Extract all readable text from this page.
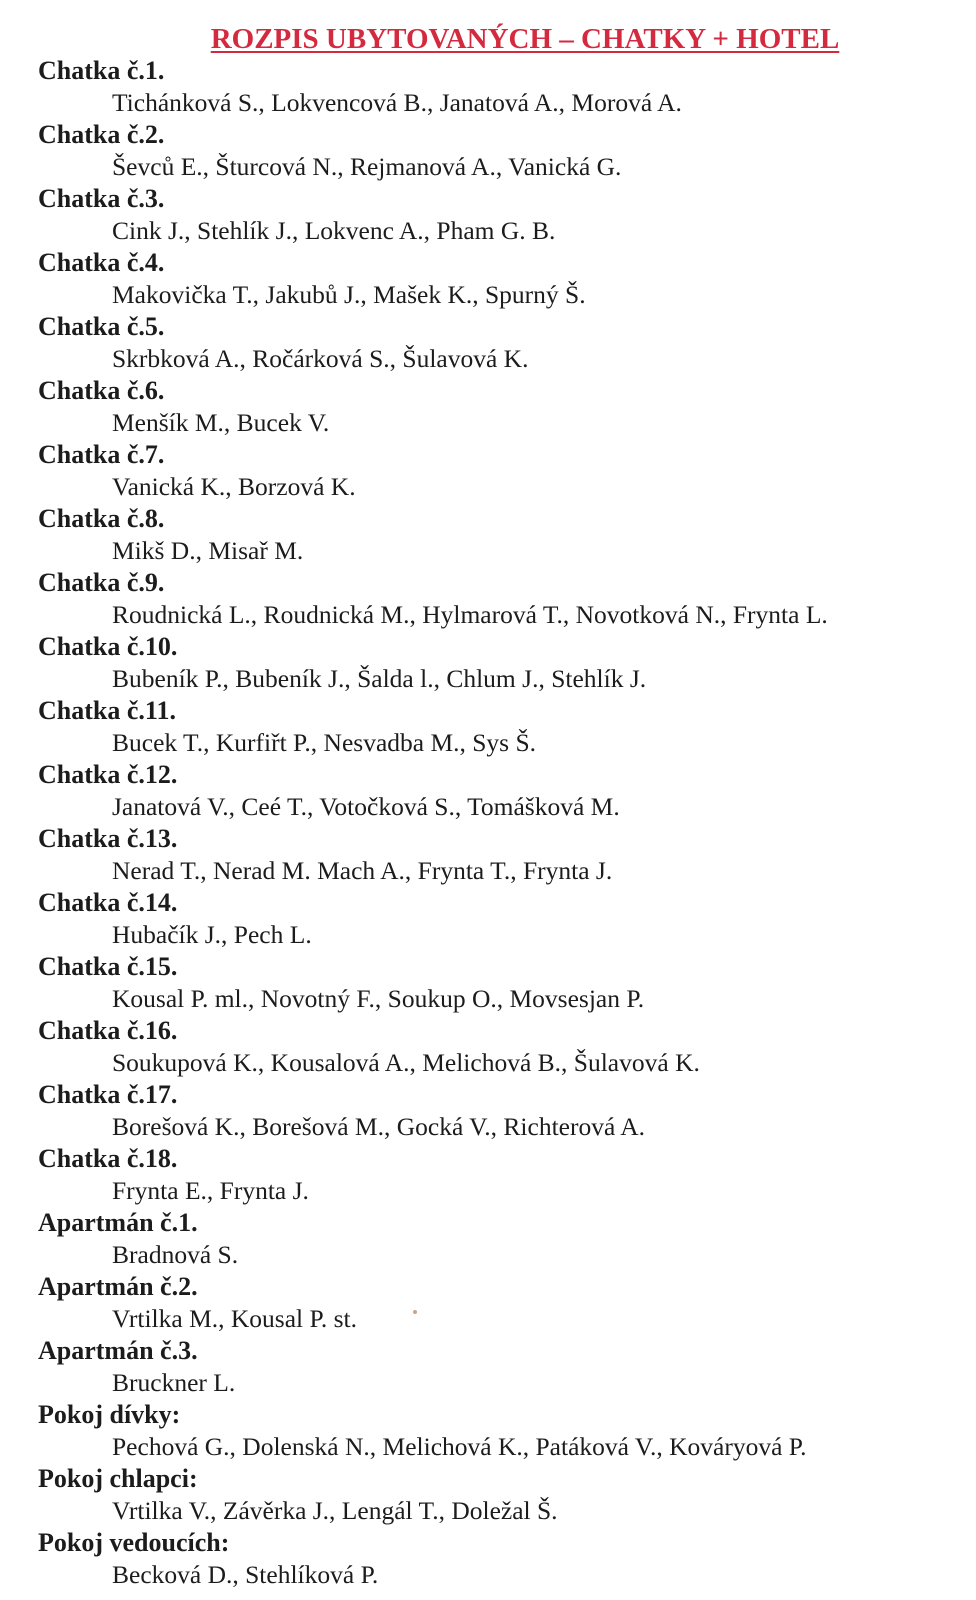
ROZPIS UBYTOVANÝCH – CHATKY + HOTEL
Chatka č.1.
Tichánková S., Lokvencová B., Janatová A., Morová A.
Chatka č.2.
Ševců E., Šturcová N., Rejmanová A., Vanická G.
Chatka č.3.
Cink J., Stehlík J., Lokvenc A., Pham G. B.
Chatka č.4.
Makovička T., Jakubů J., Mašek K., Spurný Š.
Chatka č.5.
Skrbková A., Ročárková S., Šulavová K.
Chatka č.6.
Menšík M., Bucek V.
Chatka č.7.
Vanická K., Borzová K.
Chatka č.8.
Mikš D., Misař M.
Chatka č.9.
Roudnická L., Roudnická M., Hylmarová T., Novotková N., Frynta L.
Chatka č.10.
Bubeník P., Bubeník J., Šalda l., Chlum J., Stehlík J.
Chatka č.11.
Bucek T., Kurfiřt P., Nesvadba M., Sys Š.
Chatka č.12.
Janatová V., Ceé T., Votočková S., Tomášková M.
Chatka č.13.
Nerad T., Nerad M. Mach A., Frynta T., Frynta J.
Chatka č.14.
Hubačík J., Pech L.
Chatka č.15.
Kousal P. ml., Novotný F., Soukup O., Movsesjan P.
Chatka č.16.
Soukupová K., Kousalová A., Melichová B., Šulavová K.
Chatka č.17.
Borešová K., Borešová M., Gocká V., Richterová A.
Chatka č.18.
Frynta E., Frynta J.
Apartmán č.1.
Bradnová S.
Apartmán č.2.
Vrtilka M., Kousal P. st.
Apartmán č.3.
Bruckner L.
Pokoj dívky:
Pechová G., Dolenská N., Melichová K., Patáková V., Kováryová P.
Pokoj chlapci:
Vrtilka V., Závěrka J., Lengál T., Doležal Š.
Pokoj vedoucích:
Becková D., Stehlíková P.
